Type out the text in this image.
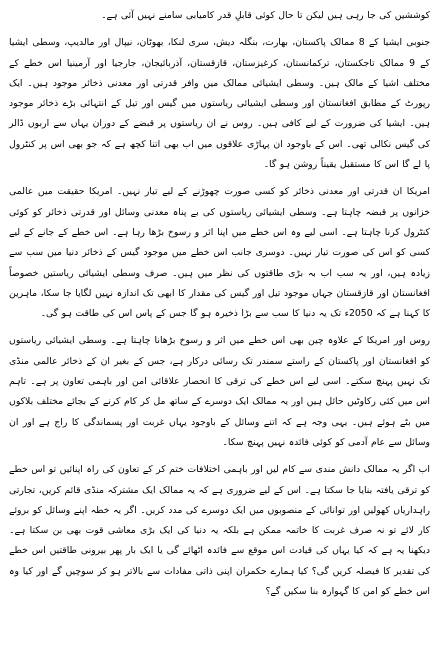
کوششیں کی جا رہی ہیں لیکن تا حال کوئی قابلِ قدر کامیابی سامنے نہیں آئی ہے۔

جنوبی ایشیا کے 8 ممالک پاکستان، بھارت، بنگلہ دیش، سری لنکا، بھوٹان، نیپال اور مالدیپ، وسطی ایشیا کے 9 ممالک تاجکستان، ترکمانستان، کرغیزستان، قازقستان، آذربائیجان، جارجیا اور آرمینیا اس خطے کے مختلف اشیا کے مالک ہیں۔ وسطی ایشیائی ممالک میں وافر قدرتی اور معدنی ذخائر موجود ہیں۔ ایک رپورٹ کے مطابق افغانستان اور وسطی ایشیائی ریاستوں میں گیس اور تیل کے انتہائی بڑے ذخائر موجود ہیں۔ ایشیا کی ضرورت کے لیے کافی ہیں۔ روس نے ان ریاستوں پر قبضے کے دوران یہاں سے اربوں ڈالر کی گیس نکالی تھی۔ اس کے باوجود ان پہاڑی علاقوں میں اب بھی اتنا کچھ ہے کہ جو بھی اس پر کنٹرول پا لے گا اس کا مستقبل یقیناً روشن ہو گا۔

امریکا ان قدرتی اور معدنی ذخائر کو کسی صورت چھوڑنے کے لیے تیار نہیں۔ امریکا حقیقت میں عالمی خزانوں پر قبضہ چاہتا ہے۔ وسطی ایشیائی ریاستوں کی بے پناہ معدنی وسائل اور قدرتی ذخائر کو کوئی کنٹرول کرنا چاہتا ہے۔ اسی لیے وہ اس خطے میں اپنا اثر و رسوخ بڑھا رہا ہے۔ اس خطے کے جانے کے لیے کسی کو اس کی صورت تیار نہیں۔ دوسری جانب اس خطے میں موجود گیس کے ذخائر دنیا میں سب سے زیادہ ہیں، اور یہ سب اب بہ بڑی طاقتوں کی نظر میں ہیں۔ صرف وسطی ایشیائی ریاستیں خصوصاً افغانستان اور قازقستان جہاں موجود تیل اور گیس کی مقدار کا ابھی تک اندازہ نہیں لگایا جا سکا، ماہرین کا کہنا ہے کہ 2050ء تک یہ دنیا کا سب سے بڑا ذخیرہ ہو گا جس کے پاس اس کی طاقت ہو گی۔

روس اور امریکا کے علاوہ چین بھی اس خطے میں اثر و رسوخ بڑھانا چاہتا ہے۔ وسطی ایشیائی ریاستوں کو افغانستان اور پاکستان کے راستے سمندر تک رسائی درکار ہے، جس کے بغیر ان کے ذخائر عالمی منڈی تک نہیں پہنچ سکتے۔ اسی لیے اس خطے کی ترقی کا انحصار علاقائی امن اور باہمی تعاون پر ہے۔ تاہم اس میں کئی رکاوٹیں حائل ہیں اور یہ ممالک ایک دوسرے کے ساتھ مل کر کام کرنے کے بجائے مختلف بلاکوں میں بٹے ہوئے ہیں۔ یہی وجہ ہے کہ اتنے وسائل کے باوجود یہاں غربت اور پسماندگی کا راج ہے اور ان وسائل سے عام آدمی کو کوئی فائدہ نہیں پہنچ سکا۔

اب اگر یہ ممالک دانش مندی سے کام لیں اور باہمی اختلافات ختم کر کے تعاون کی راہ اپنائیں تو اس خطے کو ترقی یافتہ بنایا جا سکتا ہے۔ اس کے لیے ضروری ہے کہ یہ ممالک ایک مشترکہ منڈی قائم کریں، تجارتی راہداریاں کھولیں اور توانائی کے منصوبوں میں ایک دوسرے کی مدد کریں۔ اگر یہ خطہ اپنے وسائل کو بروئے کار لائے تو نہ صرف غربت کا خاتمہ ممکن ہے بلکہ یہ دنیا کی ایک بڑی معاشی قوت بھی بن سکتا ہے۔ دیکھنا یہ ہے کہ کیا یہاں کی قیادت اس موقع سے فائدہ اٹھائے گی یا ایک بار پھر بیرونی طاقتیں اس خطے کی تقدیر کا فیصلہ کریں گی؟ کیا ہمارے حکمران اپنی ذاتی مفادات سے بالاتر ہو کر سوچیں گے اور کیا وہ اس خطے کو امن کا گہوارہ بنا سکیں گے؟
